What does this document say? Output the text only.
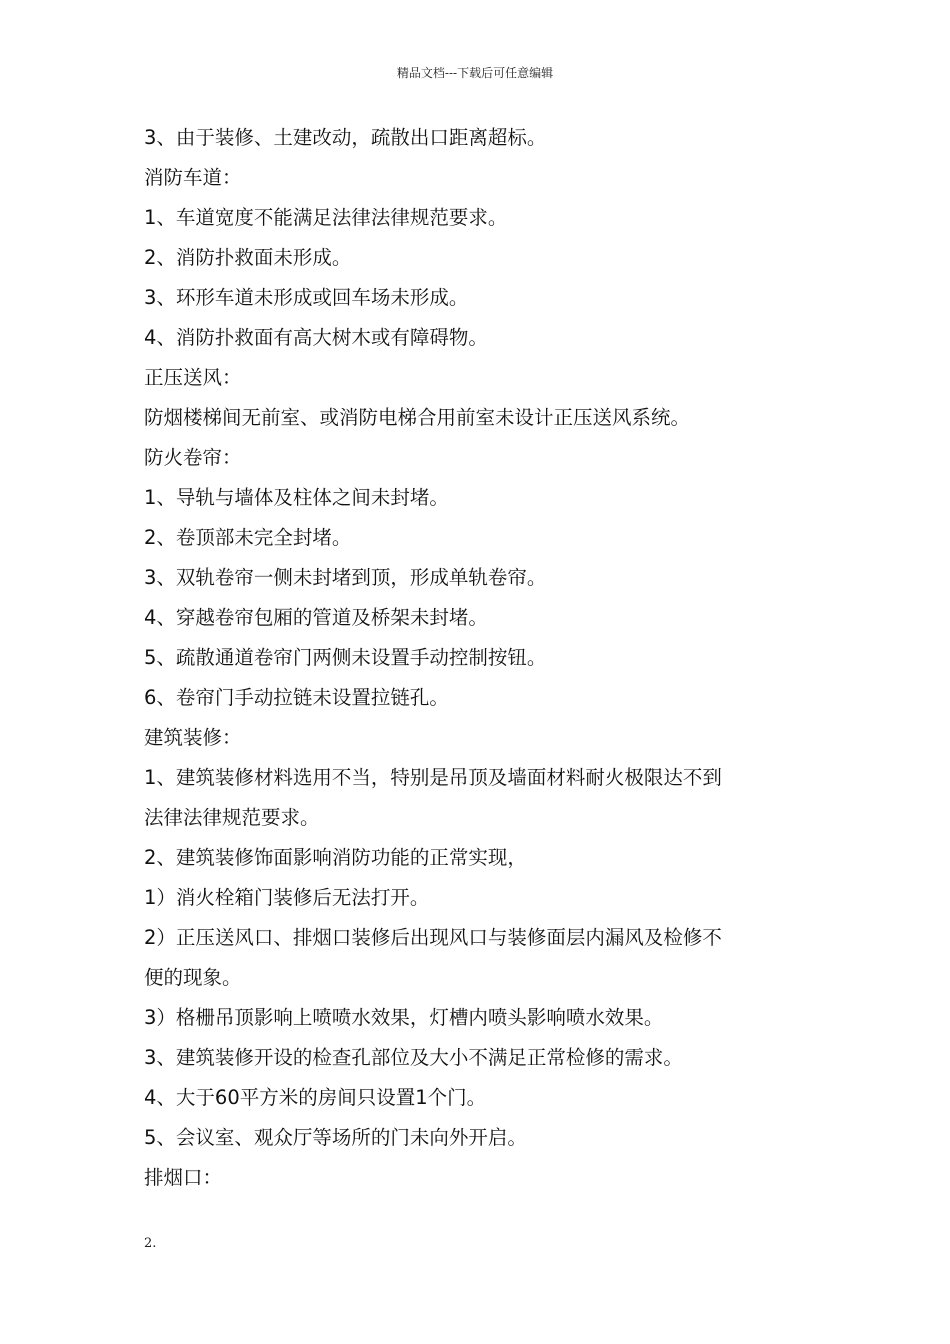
精品文档---下载后可任意编辑
3、由于装修、土建改动，疏散出口距离超标。
消防车道：
1、车道宽度不能满足法律法律规范要求。
2、消防扑救面未形成。
3、环形车道未形成或回车场未形成。
4、消防扑救面有高大树木或有障碍物。
正压送风：
防烟楼梯间无前室、或消防电梯合用前室未设计正压送风系统。
防火卷帘：
1、导轨与墙体及柱体之间未封堵。
2、卷顶部未完全封堵。
3、双轨卷帘一侧未封堵到顶，形成单轨卷帘。
4、穿越卷帘包厢的管道及桥架未封堵。
5、疏散通道卷帘门两侧未设置手动控制按钮。
6、卷帘门手动拉链未设置拉链孔。
建筑装修：
1、建筑装修材料选用不当，特别是吊顶及墙面材料耐火极限达不到
法律法律规范要求。
2、建筑装修饰面影响消防功能的正常实现，
1）消火栓箱门装修后无法打开。
2）正压送风口、排烟口装修后出现风口与装修面层内漏风及检修不
便的现象。
3）格栅吊顶影响上喷喷水效果，灯槽内喷头影响喷水效果。
3、建筑装修开设的检查孔部位及大小不满足正常检修的需求。
4、大于60平方米的房间只设置1个门。
5、会议室、观众厅等场所的门未向外开启。
排烟口：
2.
